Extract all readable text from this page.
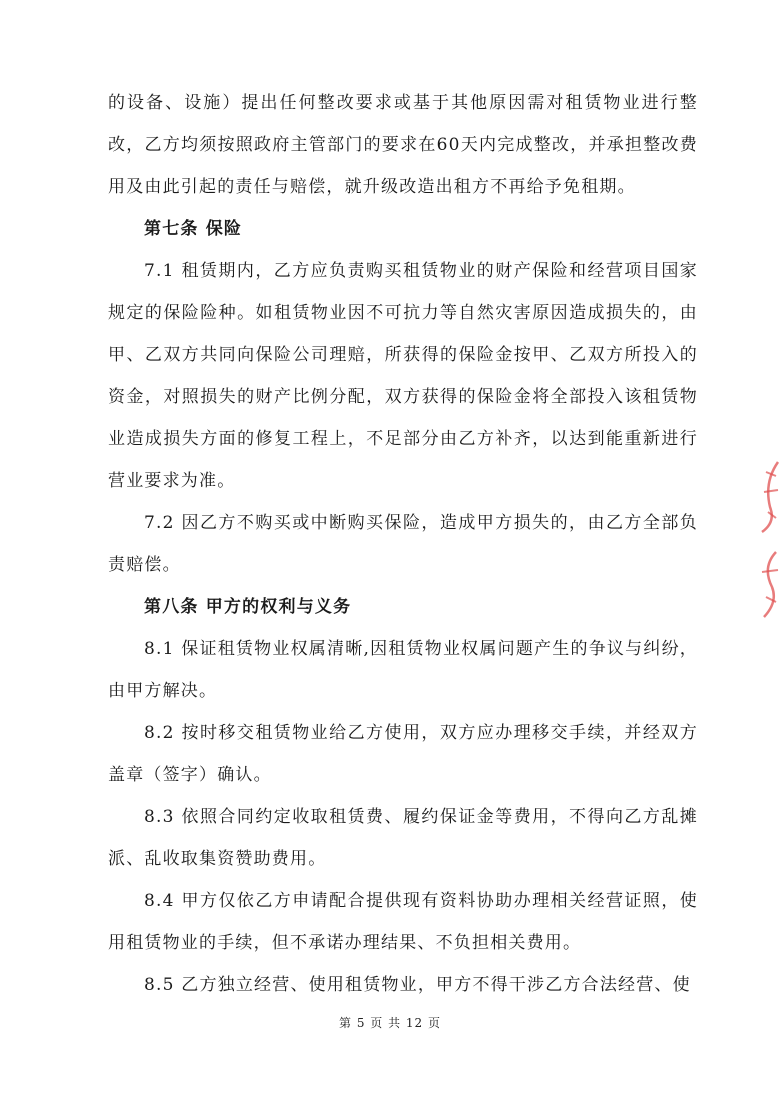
的设备、设施）提出任何整改要求或基于其他原因需对租赁物业进行整改，乙方均须按照政府主管部门的要求在60天内完成整改，并承担整改费用及由此引起的责任与赔偿，就升级改造出租方不再给予免租期。

第七条 保险

7.1 租赁期内，乙方应负责购买租赁物业的财产保险和经营项目国家规定的保险险种。如租赁物业因不可抗力等自然灾害原因造成损失的，由甲、乙双方共同向保险公司理赔，所获得的保险金按甲、乙双方所投入的资金，对照损失的财产比例分配，双方获得的保险金将全部投入该租赁物业造成损失方面的修复工程上，不足部分由乙方补齐，以达到能重新进行营业要求为准。

7.2 因乙方不购买或中断购买保险，造成甲方损失的，由乙方全部负责赔偿。

第八条 甲方的权利与义务

8.1 保证租赁物业权属清晰,因租赁物业权属问题产生的争议与纠纷，由甲方解决。

8.2 按时移交租赁物业给乙方使用，双方应办理移交手续，并经双方盖章（签字）确认。

8.3 依照合同约定收取租赁费、履约保证金等费用，不得向乙方乱摊派、乱收取集资赞助费用。

8.4 甲方仅依乙方申请配合提供现有资料协助办理相关经营证照，使用租赁物业的手续，但不承诺办理结果、不负担相关费用。

8.5 乙方独立经营、使用租赁物业，甲方不得干涉乙方合法经营、使

第 5 页 共 12 页
